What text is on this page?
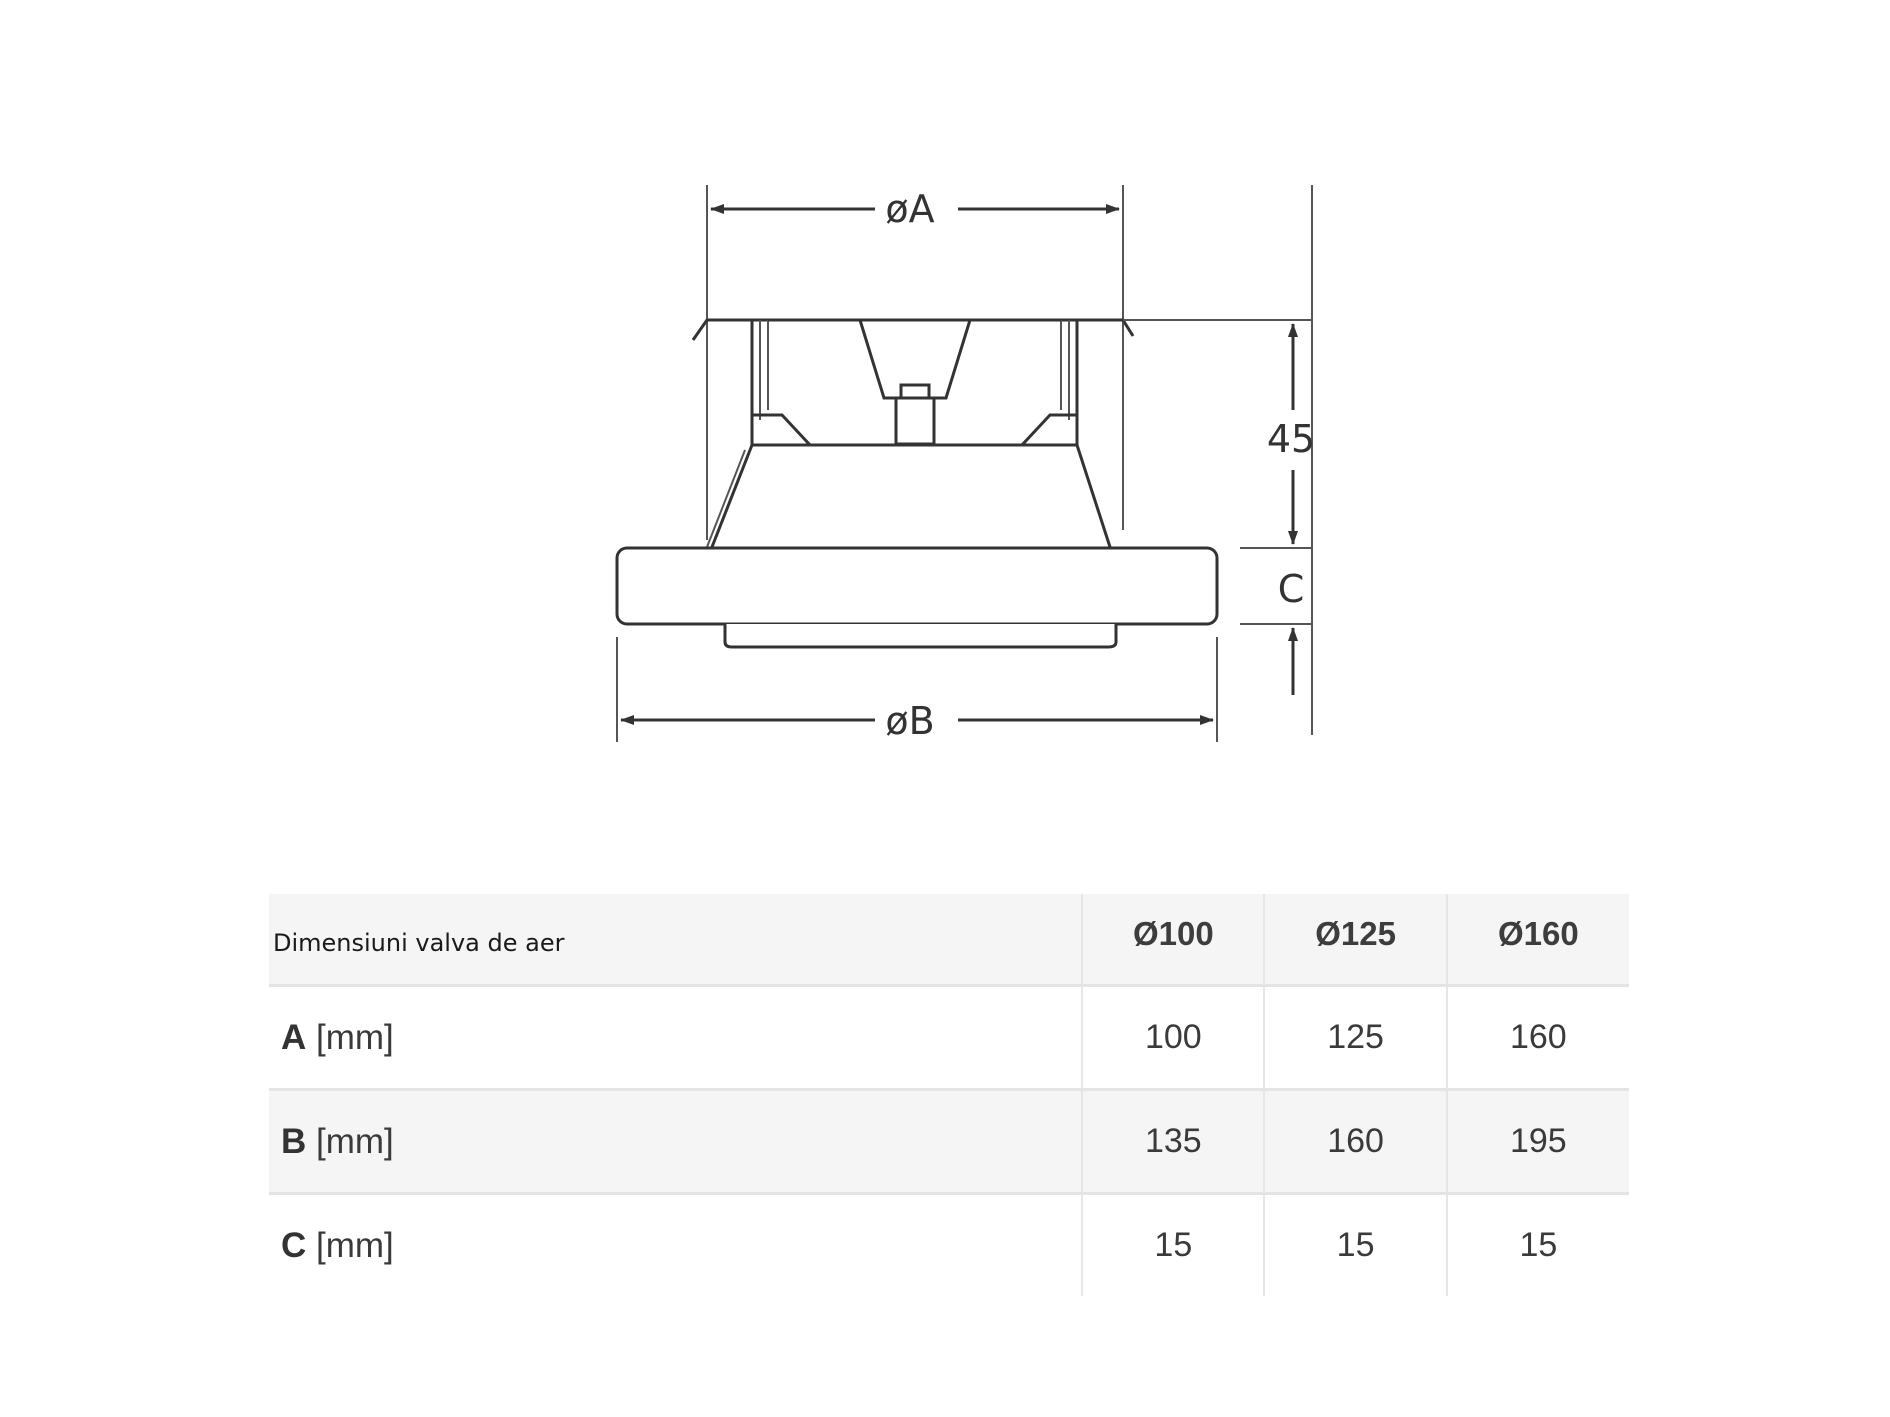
øA
øB
45
C
Dimensiuni valva de aer	Ø100	Ø125	Ø160
A [mm]	100	125	160
B [mm]	135	160	195
C [mm]	15	15	15
